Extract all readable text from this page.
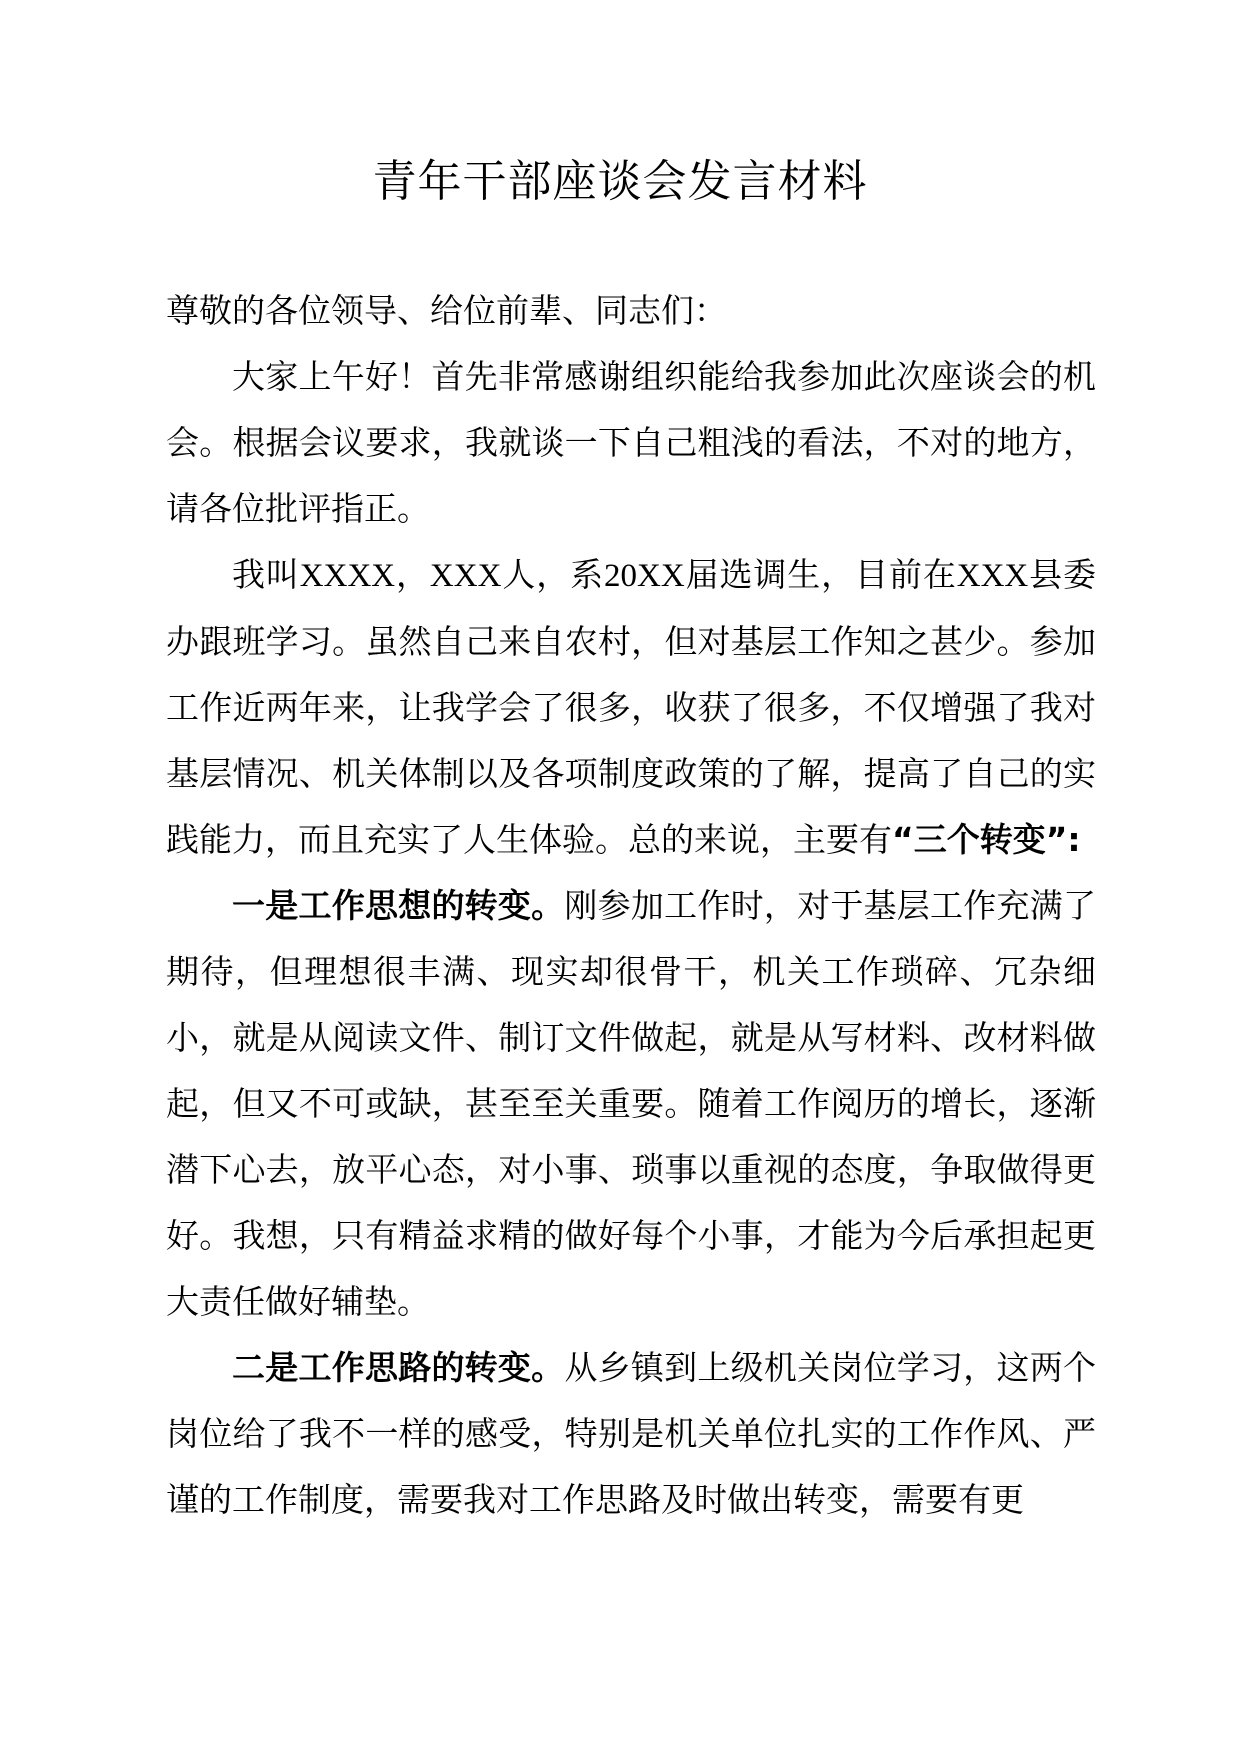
青年干部座谈会发言材料

尊敬的各位领导、给位前辈、同志们：

大家上午好！首先非常感谢组织能给我参加此次座谈会的机会。根据会议要求，我就谈一下自己粗浅的看法，不对的地方，请各位批评指正。

我叫XXXX，XXX人，系20XX届选调生，目前在XXX县委办跟班学习。虽然自己来自农村，但对基层工作知之甚少。参加工作近两年来，让我学会了很多，收获了很多，不仅增强了我对基层情况、机关体制以及各项制度政策的了解，提高了自己的实践能力，而且充实了人生体验。总的来说，主要有“三个转变”:

一是工作思想的转变。刚参加工作时，对于基层工作充满了期待，但理想很丰满、现实却很骨干，机关工作琐碎、冗杂细小，就是从阅读文件、制订文件做起，就是从写材料、改材料做起，但又不可或缺，甚至至关重要。随着工作阅历的增长，逐渐潜下心去，放平心态，对小事、琐事以重视的态度，争取做得更好。我想，只有精益求精的做好每个小事，才能为今后承担起更大责任做好辅垫。

二是工作思路的转变。从乡镇到上级机关岗位学习，这两个岗位给了我不一样的感受，特别是机关单位扎实的工作作风、严谨的工作制度，需要我对工作思路及时做出转变，需要有更
